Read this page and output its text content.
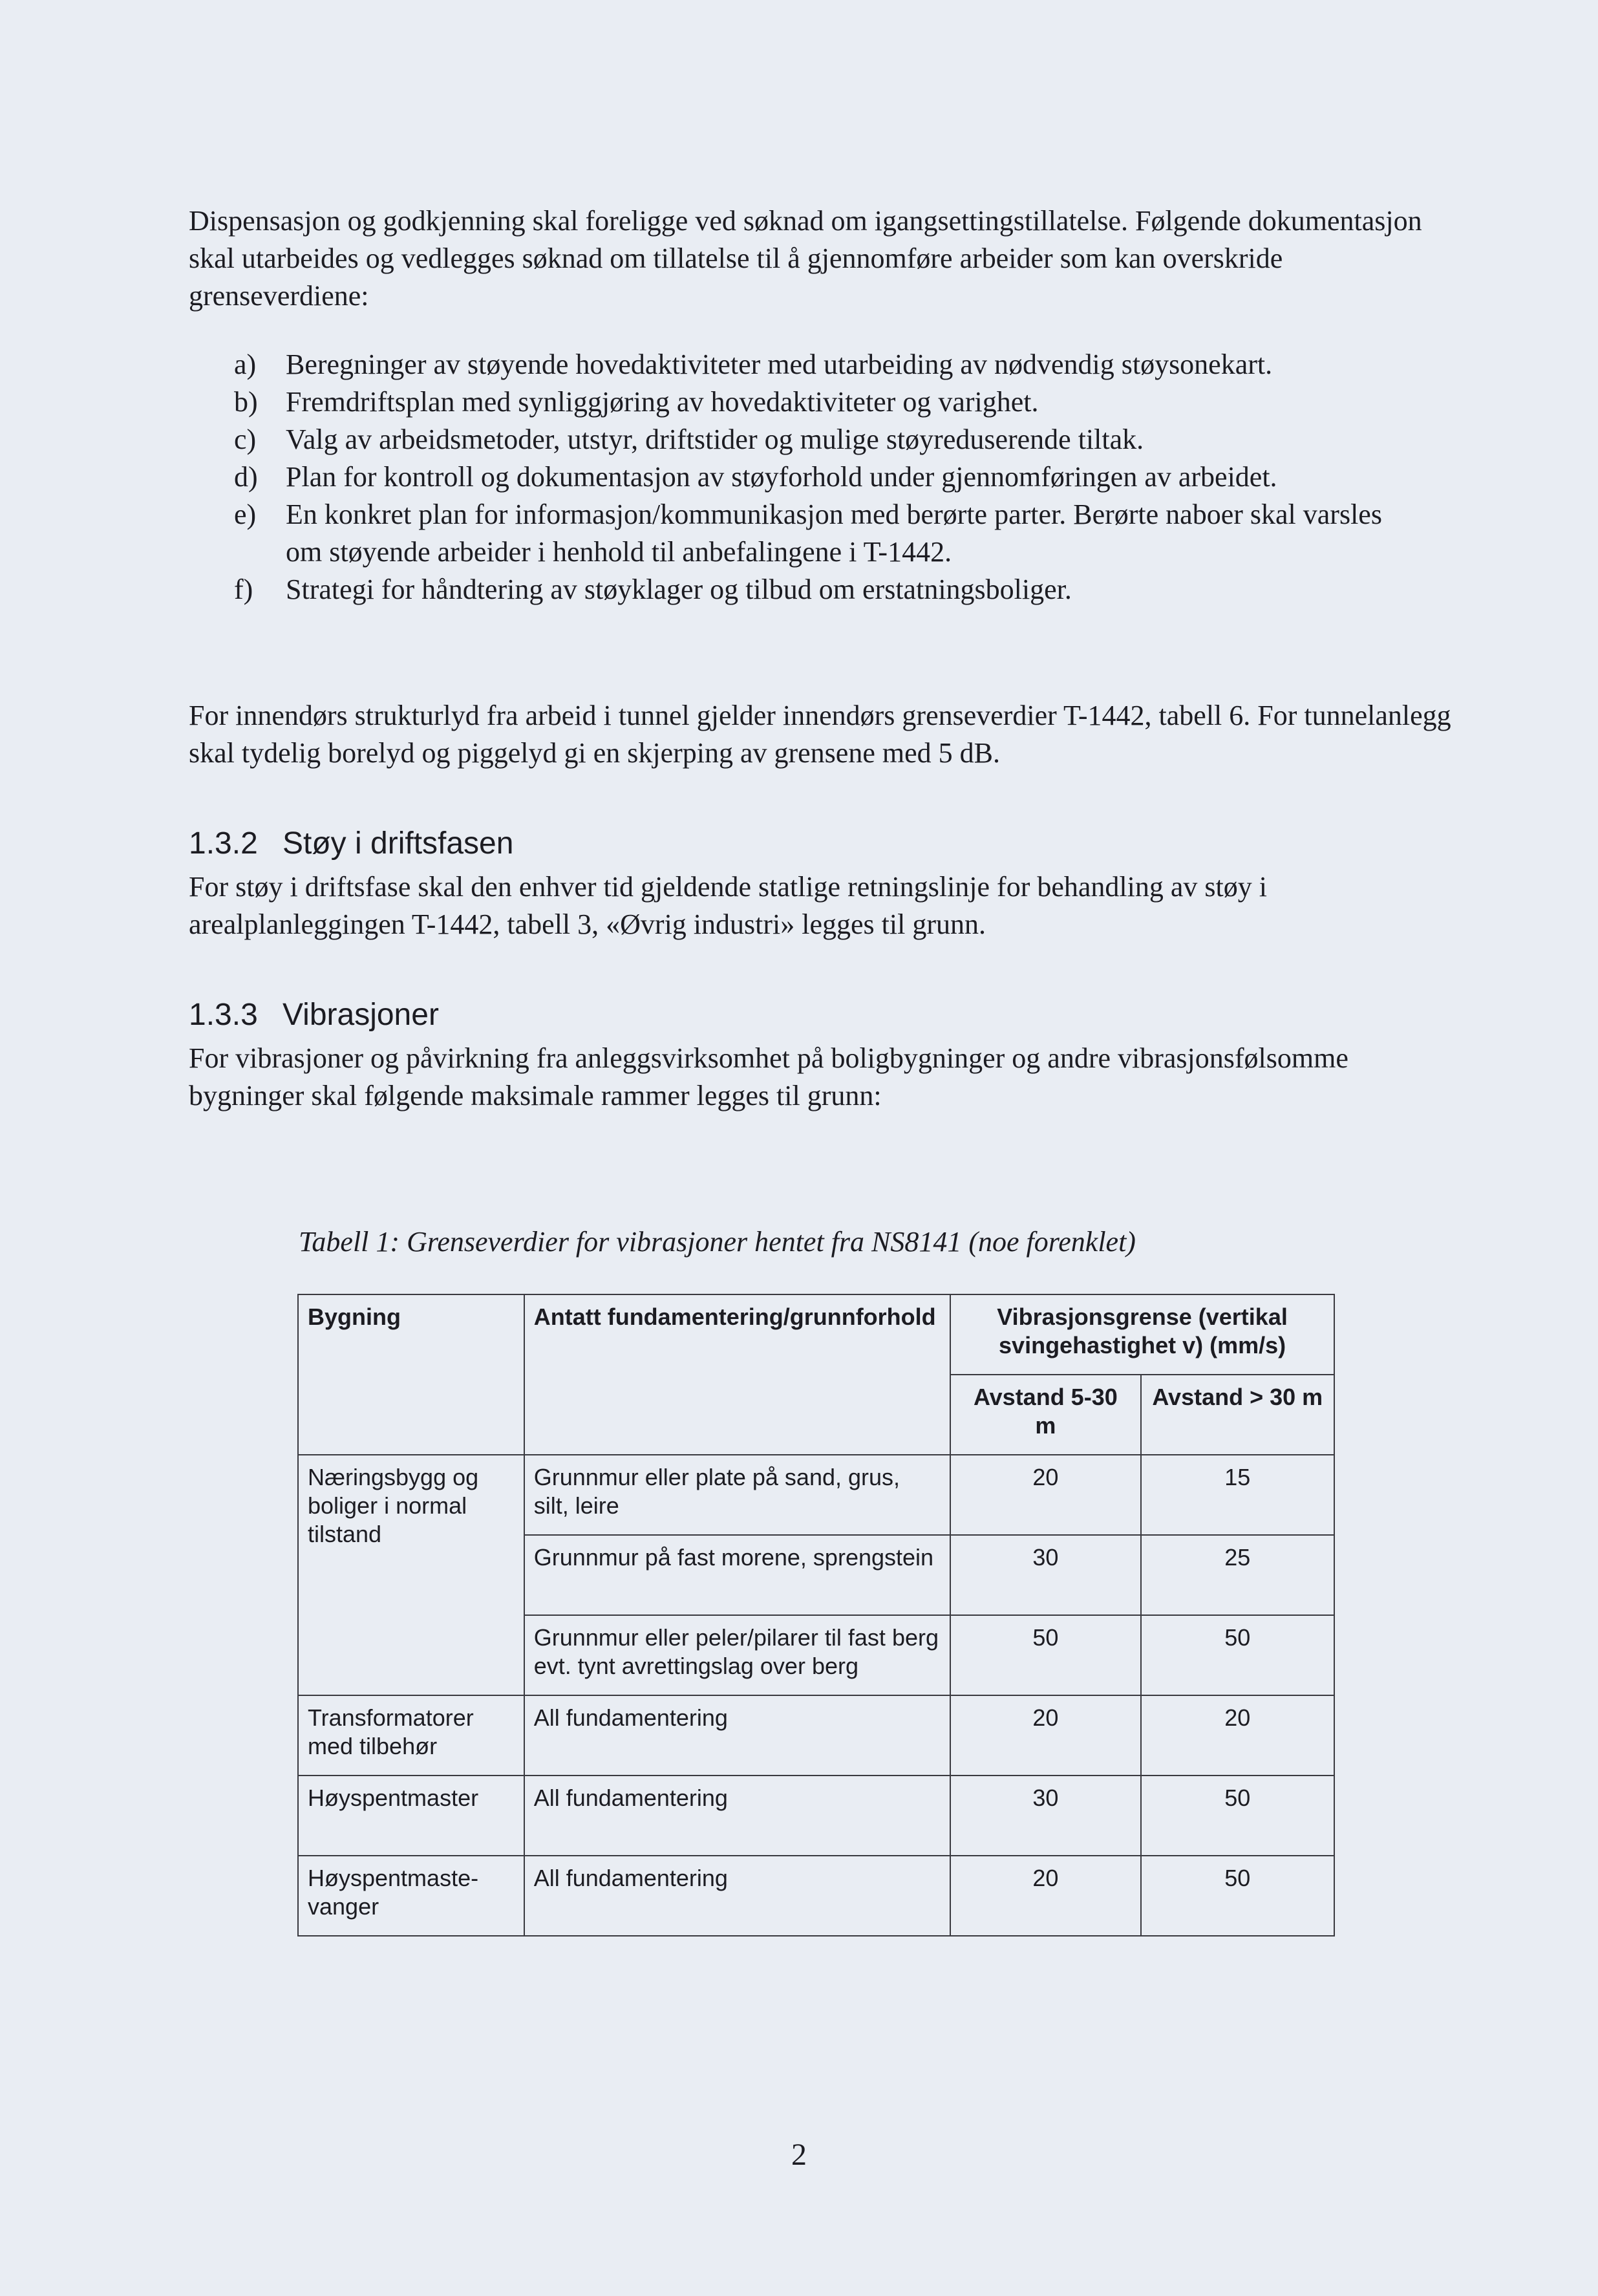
Dispensasjon og godkjenning skal foreligge ved søknad om igangsettingstillatelse. Følgende dokumentasjon skal utarbeides og vedlegges søknad om tillatelse til å gjennomføre arbeider som kan overskride grenseverdiene:

a) Beregninger av støyende hovedaktiviteter med utarbeiding av nødvendig støysonekart.
b) Fremdriftsplan med synliggjøring av hovedaktiviteter og varighet.
c) Valg av arbeidsmetoder, utstyr, driftstider og mulige støyreduserende tiltak.
d) Plan for kontroll og dokumentasjon av støyforhold under gjennomføringen av arbeidet.
e) En konkret plan for informasjon/kommunikasjon med berørte parter. Berørte naboer skal varsles om støyende arbeider i henhold til anbefalingene i T-1442.
f) Strategi for håndtering av støyklager og tilbud om erstatningsboliger.

For innendørs strukturlyd fra arbeid i tunnel gjelder innendørs grenseverdier T-1442, tabell 6. For tunnelanlegg skal tydelig borelyd og piggelyd gi en skjerping av grensene med 5 dB.

1.3.2 Støy i driftsfasen

For støy i driftsfase skal den enhver tid gjeldende statlige retningslinje for behandling av støy i arealplanleggingen T-1442, tabell 3, «Øvrig industri» legges til grunn.

1.3.3 Vibrasjoner

For vibrasjoner og påvirkning fra anleggsvirksomhet på boligbygninger og andre vibrasjonsfølsomme bygninger skal følgende maksimale rammer legges til grunn:

Tabell 1: Grenseverdier for vibrasjoner hentet fra NS8141 (noe forenklet)
Bygning	Antatt fundamentering/grunnforhold	Vibrasjonsgrense (vertikal svingehastighet v) (mm/s)	
		Avstand 5-30 m	Avstand > 30 m
Næringsbygg og boliger i normal tilstand	Grunnmur eller plate på sand, grus, silt, leire	20	15
	Grunnmur på fast morene, sprengstein	30	25
	Grunnmur eller peler/pilarer til fast berg evt. tynt avrettingslag over berg	50	50
Transformatorer med tilbehør	All fundamentering	20	20
Høyspentmaster	All fundamentering	30	50
Høyspentmaste-vanger	All fundamentering	20	50
2
